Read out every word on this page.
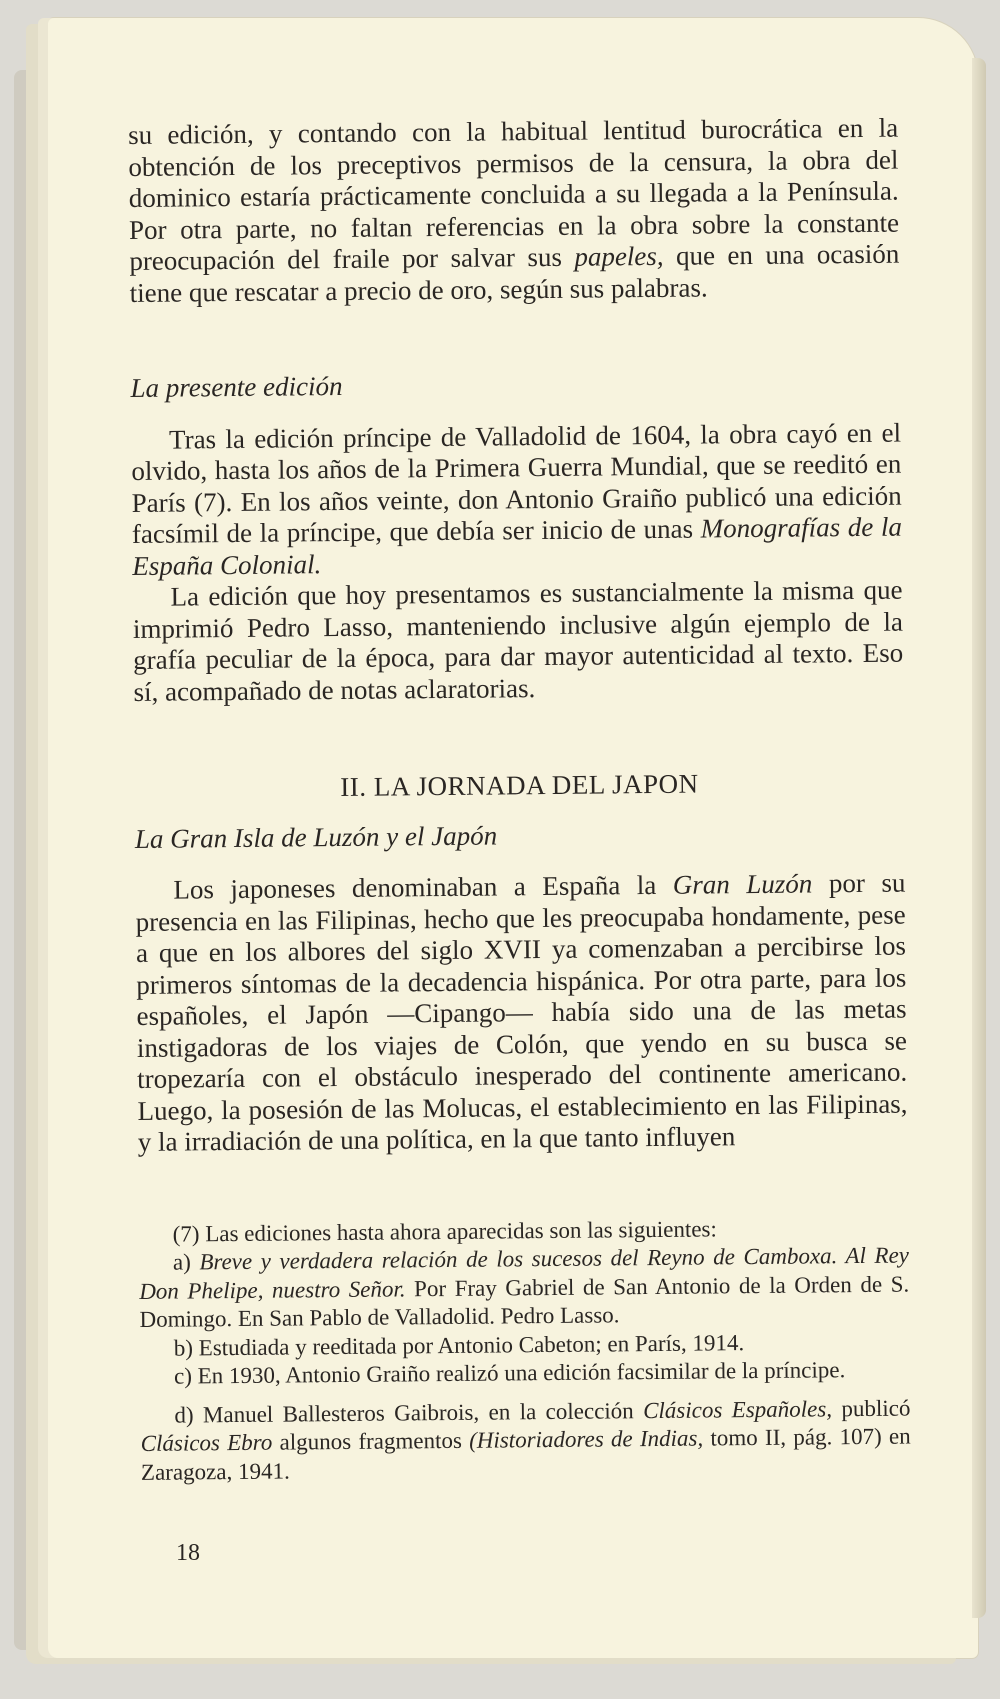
su edición, y contando con la habitual lentitud burocrática en la obtención de los preceptivos permisos de la censura, la obra del dominico estaría prácticamente concluida a su llegada a la Península. Por otra parte, no faltan referencias en la obra sobre la constante preocupación del fraile por salvar sus papeles, que en una ocasión tiene que rescatar a precio de oro, según sus palabras.

La presente edición

Tras la edición príncipe de Valladolid de 1604, la obra cayó en el olvido, hasta los años de la Primera Guerra Mundial, que se reeditó en París (7). En los años veinte, don Antonio Graiño publicó una edición facsímil de la príncipe, que debía ser inicio de unas Monografías de la España Colonial.

La edición que hoy presentamos es sustancialmente la misma que imprimió Pedro Lasso, manteniendo inclusive algún ejemplo de la grafía peculiar de la época, para dar mayor autenticidad al texto. Eso sí, acompañado de notas aclaratorias.

II. LA JORNADA DEL JAPON

La Gran Isla de Luzón y el Japón

Los japoneses denominaban a España la Gran Luzón por su presencia en las Filipinas, hecho que les preocupaba hondamente, pese a que en los albores del siglo XVII ya comenzaban a percibirse los primeros síntomas de la decadencia hispánica. Por otra parte, para los españoles, el Japón —Cipango— había sido una de las metas instigadoras de los viajes de Colón, que yendo en su busca se tropezaría con el obstáculo inesperado del continente americano. Luego, la posesión de las Molucas, el establecimiento en las Filipinas, y la irradiación de una política, en la que tanto influyen

(7) Las ediciones hasta ahora aparecidas son las siguientes:

a) Breve y verdadera relación de los sucesos del Reyno de Camboxa. Al Rey Don Phelipe, nuestro Señor. Por Fray Gabriel de San Antonio de la Orden de S. Domingo. En San Pablo de Valladolid. Pedro Lasso.

b) Estudiada y reeditada por Antonio Cabeton; en París, 1914.

c) En 1930, Antonio Graiño realizó una edición facsimilar de la príncipe.

d) Manuel Ballesteros Gaibrois, en la colección Clásicos Españoles, publicó Clásicos Ebro algunos fragmentos (Historiadores de Indias, tomo II, pág. 107) en Zaragoza, 1941.

18
